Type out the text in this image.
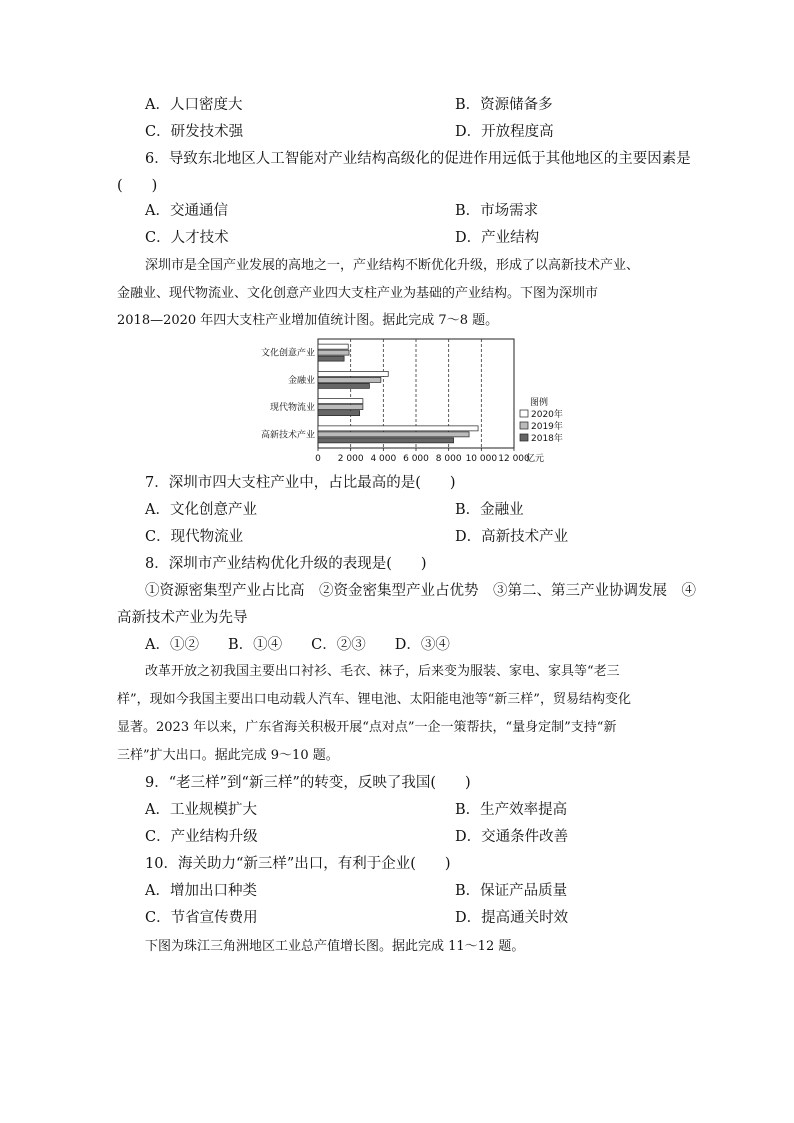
A．人口密度大	B．资源储备多
C．研发技术强	D．开放程度高
6．导致东北地区人工智能对产业结构高级化的促进作用远低于其他地区的主要因素是
(　　)
A．交通通信	B．市场需求
C．人才技术	D．产业结构
深圳市是全国产业发展的高地之一，产业结构不断优化升级，形成了以高新技术产业、
金融业、现代物流业、文化创意产业四大支柱产业为基础的产业结构。下图为深圳市
2018—2020 年四大支柱产业增加值统计图。据此完成 7～8 题。
0 2 000 4 000 6 000 8 000 10 000 12 000
亿元
文化创意产业
金融业
现代物流业
高新技术产业
图例
2020年
2019年
2018年
7．深圳市四大支柱产业中，占比最高的是(　　)
A．文化创意产业	B．金融业
C．现代物流业	D．高新技术产业
8．深圳市产业结构优化升级的表现是(　　)
①资源密集型产业占比高　②资金密集型产业占优势　③第二、第三产业协调发展　④
高新技术产业为先导
A．①②　　B．①④　　C．②③　　D．③④
改革开放之初我国主要出口衬衫、毛衣、袜子，后来变为服装、家电、家具等“老三
样”，现如今我国主要出口电动载人汽车、锂电池、太阳能电池等“新三样”，贸易结构变化
显著。2023 年以来，广东省海关积极开展“点对点”一企一策帮扶，“量身定制”支持“新
三样”扩大出口。据此完成 9～10 题。
9．“老三样”到“新三样”的转变，反映了我国(　　)
A．工业规模扩大	B．生产效率提高
C．产业结构升级	D．交通条件改善
10．海关助力“新三样”出口，有利于企业(　　)
A．增加出口种类	B．保证产品质量
C．节省宣传费用	D．提高通关时效
下图为珠江三角洲地区工业总产值增长图。据此完成 11～12 题。
